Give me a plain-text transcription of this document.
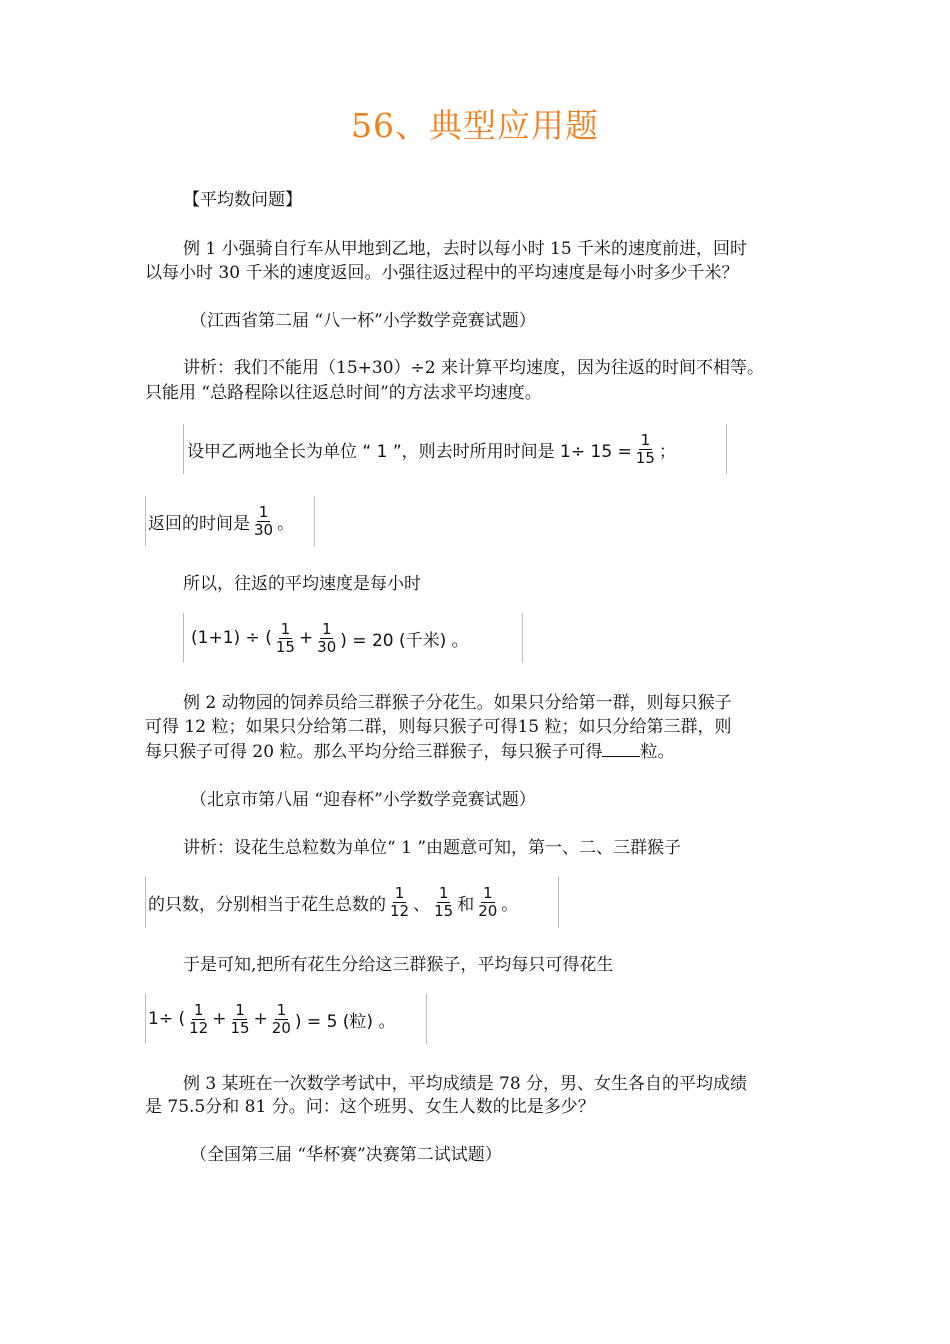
56、典型应用题
【平均数问题】
例 1 小强骑自行车从甲地到乙地，去时以每小时 15 千米的速度前进，回时
以每小时 30 千米的速度返回。小强往返过程中的平均速度是每小时多少千米？
（江西省第二届 “八一杯”小学数学竞赛试题）
讲析：我们不能用（15+30）÷2 来计算平均速度，因为往返的时间不相等。
只能用 “总路程除以往返总时间”的方法求平均速度。
设甲乙两地全长为单位 “ 1 ”，则去时所用时间是 $1\div 15 = \frac{1}{15}$ ；
返回的时间是 $\frac{1}{30}$ 。
所以，往返的平均速度是每小时
(1+1) ÷ ( $\frac{1}{15} + \frac{1}{30}$ ) = 20 (千米) 。
例 2 动物园的饲养员给三群猴子分花生。如果只分给第一群，则每只猴子
可得 12 粒；如果只分给第二群，则每只猴子可得15 粒；如只分给第三群，则
每只猴子可得 20 粒。那么平均分给三群猴子，每只猴子可得 粒。
（北京市第八届 “迎春杯”小学数学竞赛试题）
讲析：设花生总粒数为单位“ 1 ”由题意可知，第一、二、三群猴子
的只数，分别相当于花生总数的 $\frac{1}{12}$ 、 $\frac{1}{15}$ 和 $\frac{1}{20}$ 。
于是可知,把所有花生分给这三群猴子，平均每只可得花生
1÷ ( $\frac{1}{12} + \frac{1}{15} + \frac{1}{20}$ ) = 5 (粒) 。
例 3 某班在一次数学考试中，平均成绩是 78 分，男、女生各自的平均成绩
是 75.5分和 81 分。问：这个班男、女生人数的比是多少？
（全国第三届 “华杯赛”决赛第二试试题）
